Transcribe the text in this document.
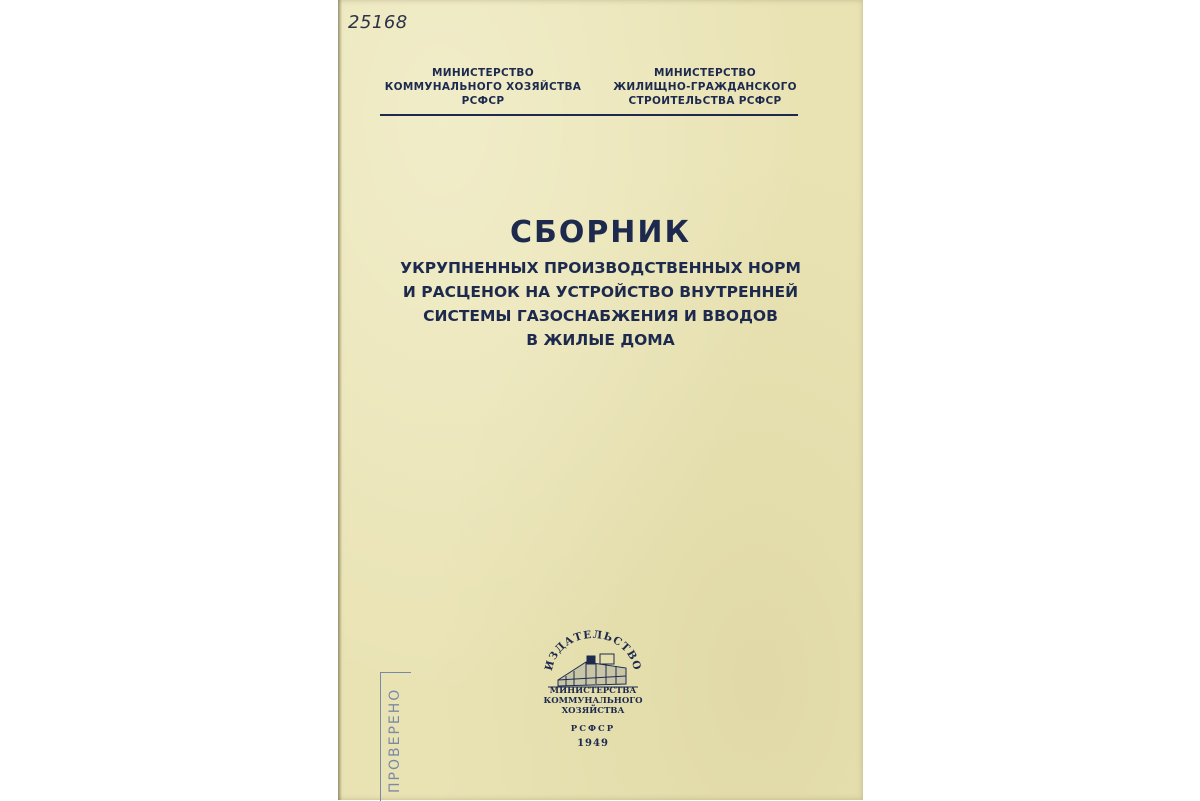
25168
МИНИСТЕРСТВО
КОММУНАЛЬНОГО ХОЗЯЙСТВА
РСФСР
МИНИСТЕРСТВО
ЖИЛИЩНО-ГРАЖДАНСКОГО
СТРОИТЕЛЬСТВА РСФСР
СБОРНИК
УКРУПНЕННЫХ ПРОИЗВОДСТВЕННЫХ НОРМ
И РАСЦЕНОК НА УСТРОЙСТВО ВНУТРЕННЕЙ
СИСТЕМЫ ГАЗОСНАБЖЕНИЯ И ВВОДОВ
В ЖИЛЫЕ ДОМА
ИЗДАТЕЛЬСТВО
МИНИСТЕРСТВА
КОММУНАЛЬНОГО
ХОЗЯЙСТВА
РСФСР
1949
ПРОВЕРЕНО
